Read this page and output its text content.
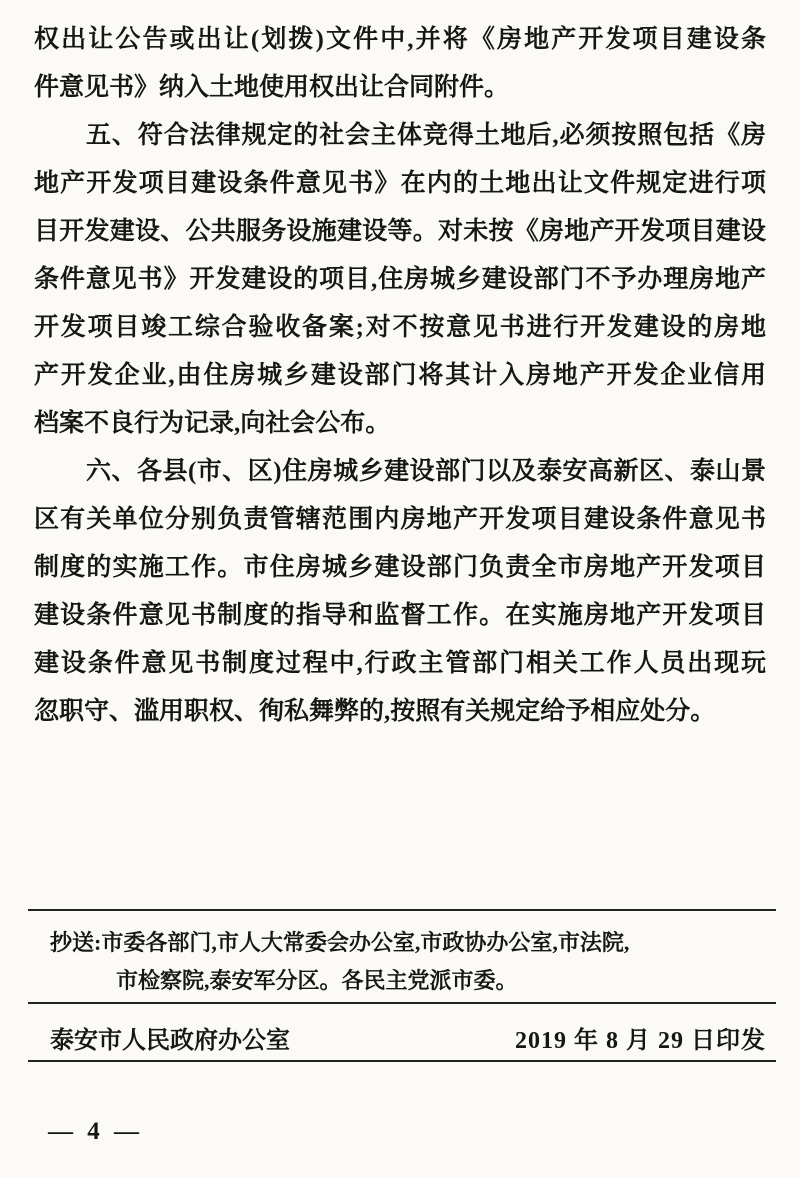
权出让公告或出让(划拨)文件中,并将《房地产开发项目建设条
件意见书》纳入土地使用权出让合同附件。
五、符合法律规定的社会主体竞得土地后,必须按照包括《房
地产开发项目建设条件意见书》在内的土地出让文件规定进行项
目开发建设、公共服务设施建设等。对未按《房地产开发项目建设
条件意见书》开发建设的项目,住房城乡建设部门不予办理房地产
开发项目竣工综合验收备案;对不按意见书进行开发建设的房地
产开发企业,由住房城乡建设部门将其计入房地产开发企业信用
档案不良行为记录,向社会公布。
六、各县(市、区)住房城乡建设部门以及泰安高新区、泰山景
区有关单位分别负责管辖范围内房地产开发项目建设条件意见书
制度的实施工作。市住房城乡建设部门负责全市房地产开发项目
建设条件意见书制度的指导和监督工作。在实施房地产开发项目
建设条件意见书制度过程中,行政主管部门相关工作人员出现玩
忽职守、滥用职权、徇私舞弊的,按照有关规定给予相应处分。
抄送:市委各部门,市人大常委会办公室,市政协办公室,市法院,
市检察院,泰安军分区。各民主党派市委。
泰安市人民政府办公室	2019 年 8 月 29 日印发
— 4 —
